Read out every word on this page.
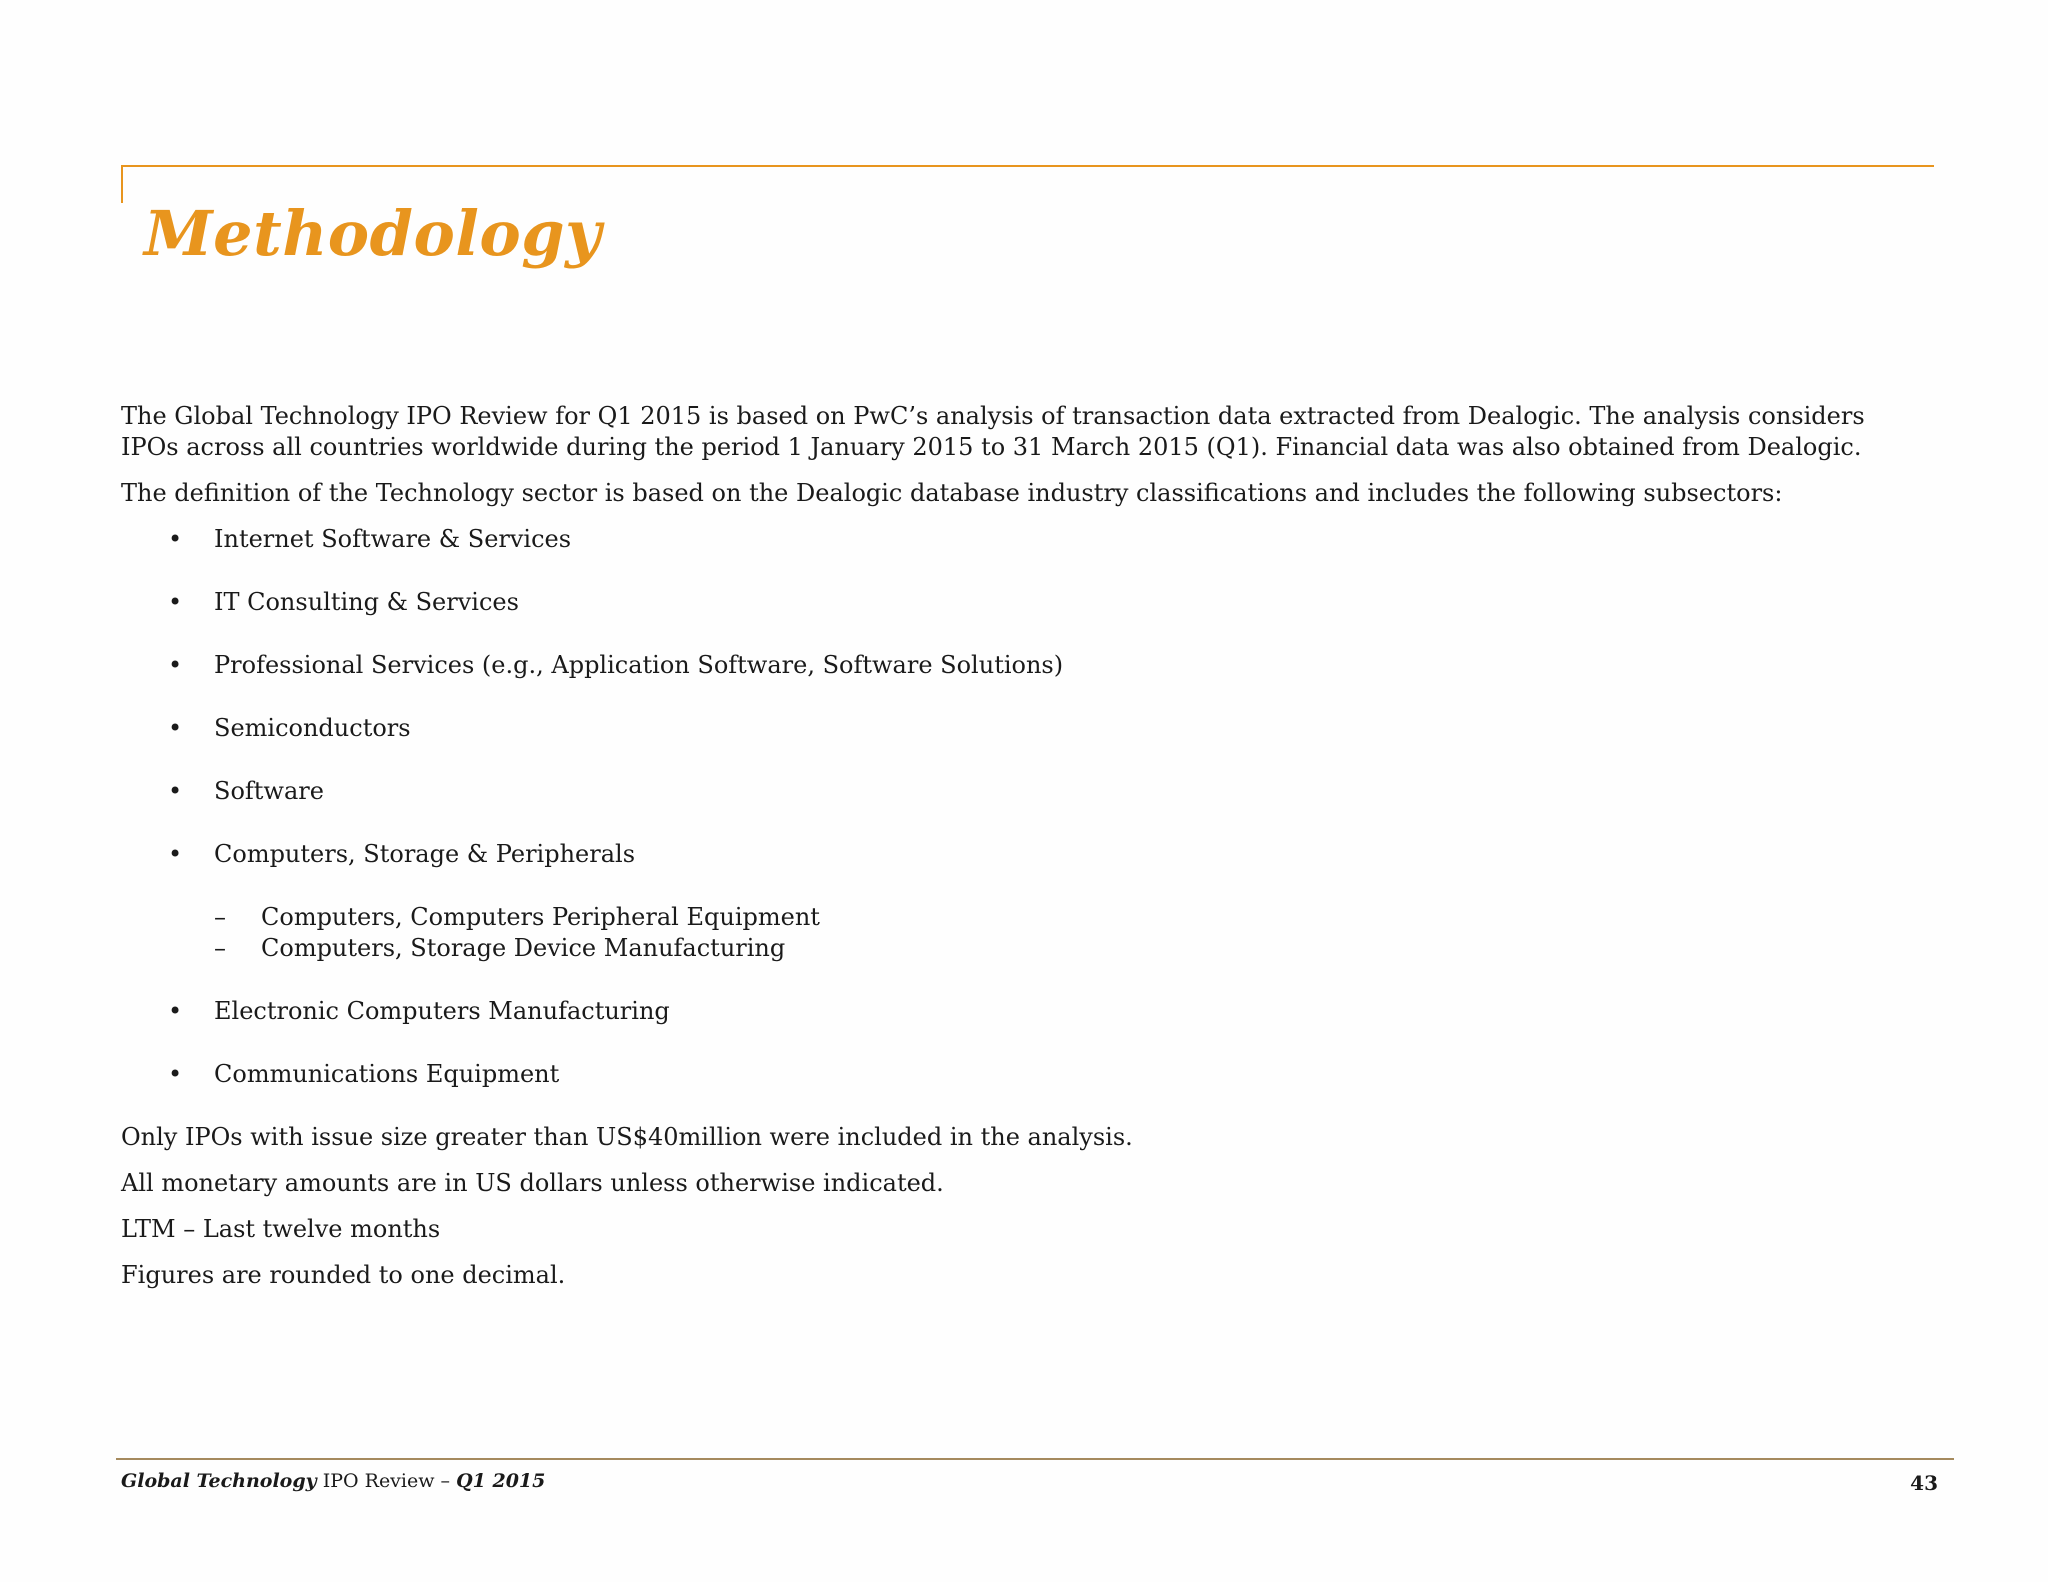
Methodology

The Global Technology IPO Review for Q1 2015 is based on PwC’s analysis of transaction data extracted from Dealogic. The analysis considers IPOs across all countries worldwide during the period 1 January 2015 to 31 March 2015 (Q1). Financial data was also obtained from Dealogic.

The definition of the Technology sector is based on the Dealogic database industry classifications and includes the following subsectors:

• Internet Software & Services
• IT Consulting & Services
• Professional Services (e.g., Application Software, Software Solutions)
• Semiconductors
• Software
• Computers, Storage & Peripherals
– Computers, Computers Peripheral Equipment
– Computers, Storage Device Manufacturing
• Electronic Computers Manufacturing
• Communications Equipment

Only IPOs with issue size greater than US$40million were included in the analysis.

All monetary amounts are in US dollars unless otherwise indicated.

LTM – Last twelve months

Figures are rounded to one decimal.

Global Technology IPO Review – Q1 2015	43
